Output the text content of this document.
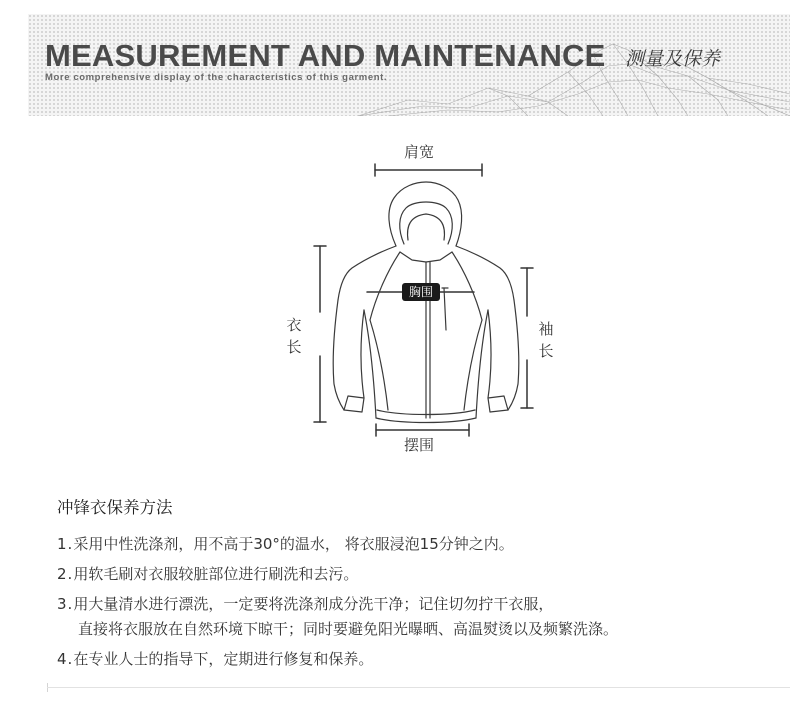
MEASUREMENT AND MAINTENANCE 测量及保养
More comprehensive display of the characteristics of this garment.
肩宽
胸围
衣长
袖长
摆围
冲锋衣保养方法
1.采用中性洗涤剂，用不高于30°的温水， 将衣服浸泡15分钟之内。
2.用软毛刷对衣服较脏部位进行刷洗和去污。
3.用大量清水进行漂洗，一定要将洗涤剂成分洗干净；记住切勿拧干衣服，
直接将衣服放在自然环境下晾干；同时要避免阳光曝晒、高温熨烫以及频繁洗涤。
4.在专业人士的指导下，定期进行修复和保养。
